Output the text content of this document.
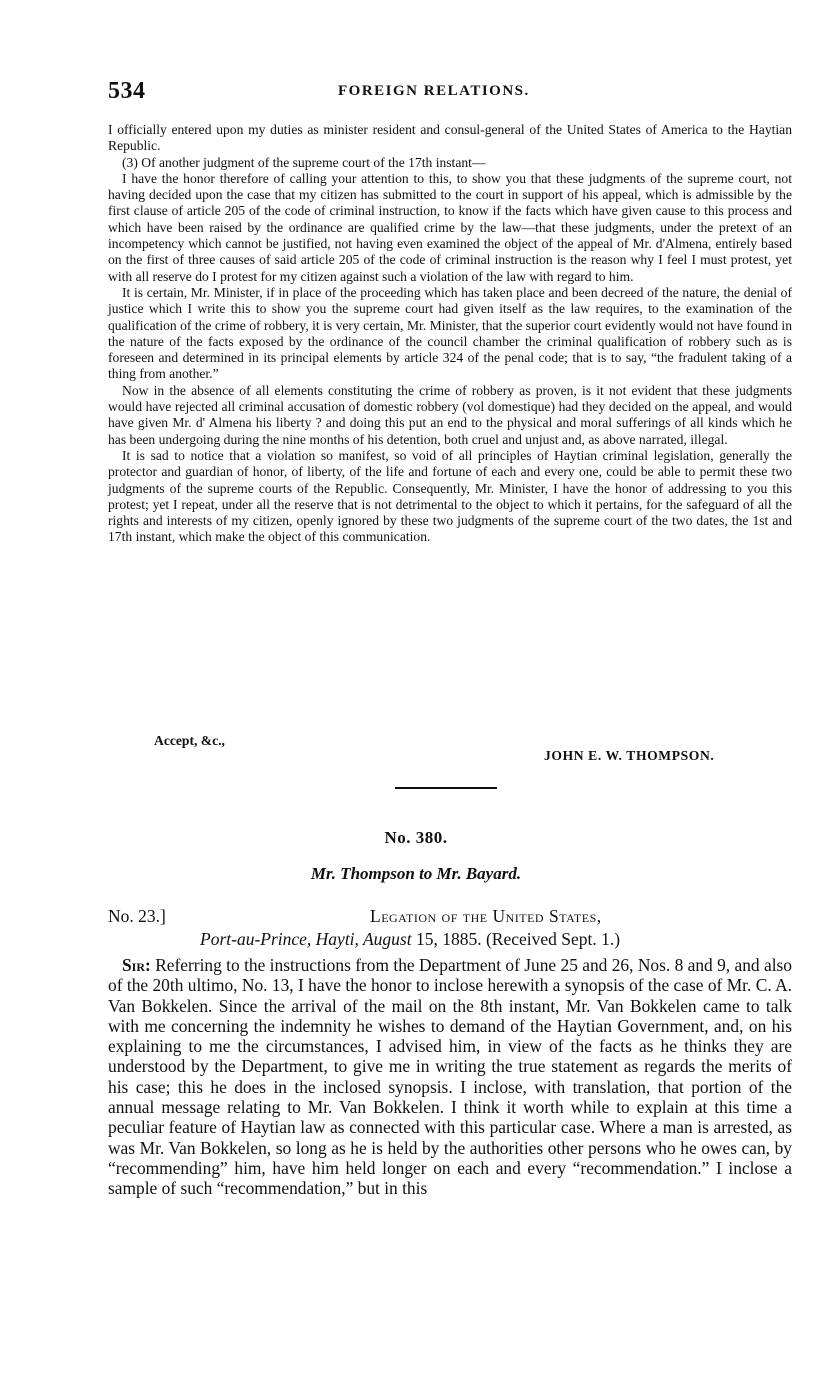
534	FOREIGN RELATIONS.

I officially entered upon my duties as minister resident and consul-general of the United States of America to the Haytian Republic.

(3) Of another judgment of the supreme court of the 17th instant—

I have the honor therefore of calling your attention to this, to show you that these judgments of the supreme court, not having decided upon the case that my citizen has submitted to the court in support of his appeal, which is admissible by the first clause of article 205 of the code of criminal instruction, to know if the facts which have given cause to this process and which have been raised by the ordinance are qualified crime by the law—that these judgments, under the pretext of an incompetency which cannot be justified, not having even examined the object of the appeal of Mr. d'Almena, entirely based on the first of three causes of said article 205 of the code of criminal instruction is the reason why I feel I must protest, yet with all reserve do I protest for my citizen against such a violation of the law with regard to him.

It is certain, Mr. Minister, if in place of the proceeding which has taken place and been decreed of the nature, the denial of justice which I write this to show you the supreme court had given itself as the law requires, to the examination of the qualification of the crime of robbery, it is very certain, Mr. Minister, that the superior court evidently would not have found in the nature of the facts exposed by the ordinance of the council chamber the criminal qualification of robbery such as is foreseen and determined in its principal elements by article 324 of the penal code; that is to say, “the fradulent taking of a thing from another.”

Now in the absence of all elements constituting the crime of robbery as proven, is it not evident that these judgments would have rejected all criminal accusation of domestic robbery (vol domestique) had they decided on the appeal, and would have given Mr. d' Almena his liberty ? and doing this put an end to the physical and moral sufferings of all kinds which he has been undergoing during the nine months of his detention, both cruel and unjust and, as above narrated, illegal.

It is sad to notice that a violation so manifest, so void of all principles of Haytian criminal legislation, generally the protector and guardian of honor, of liberty, of the life and fortune of each and every one, could be able to permit these two judgments of the supreme courts of the Republic. Consequently, Mr. Minister, I have the honor of addressing to you this protest; yet I repeat, under all the reserve that is not detrimental to the object to which it pertains, for the safeguard of all the rights and interests of my citizen, openly ignored by these two judgments of the supreme court of the two dates, the 1st and 17th instant, which make the object of this communication.

Accept, &c.,
JOHN E. W. THOMPSON.
No. 380.
Mr. Thompson to Mr. Bayard.
No. 23.]	Legation of the United States,
Port-au-Prince, Hayti, August 15, 1885. (Received Sept. 1.)

Sir: Referring to the instructions from the Department of June 25 and 26, Nos. 8 and 9, and also of the 20th ultimo, No. 13, I have the honor to inclose herewith a synopsis of the case of Mr. C. A. Van Bokkelen. Since the arrival of the mail on the 8th instant, Mr. Van Bokkelen came to talk with me concerning the indemnity he wishes to demand of the Haytian Government, and, on his explaining to me the circumstances, I advised him, in view of the facts as he thinks they are understood by the Department, to give me in writing the true statement as regards the merits of his case; this he does in the inclosed synopsis. I inclose, with translation, that portion of the annual message relating to Mr. Van Bokkelen. I think it worth while to explain at this time a peculiar feature of Haytian law as connected with this particular case. Where a man is arrested, as was Mr. Van Bokkelen, so long as he is held by the authorities other persons who he owes can, by “recommending” him, have him held longer on each and every “recommendation.” I inclose a sample of such “recommendation,” but in this
